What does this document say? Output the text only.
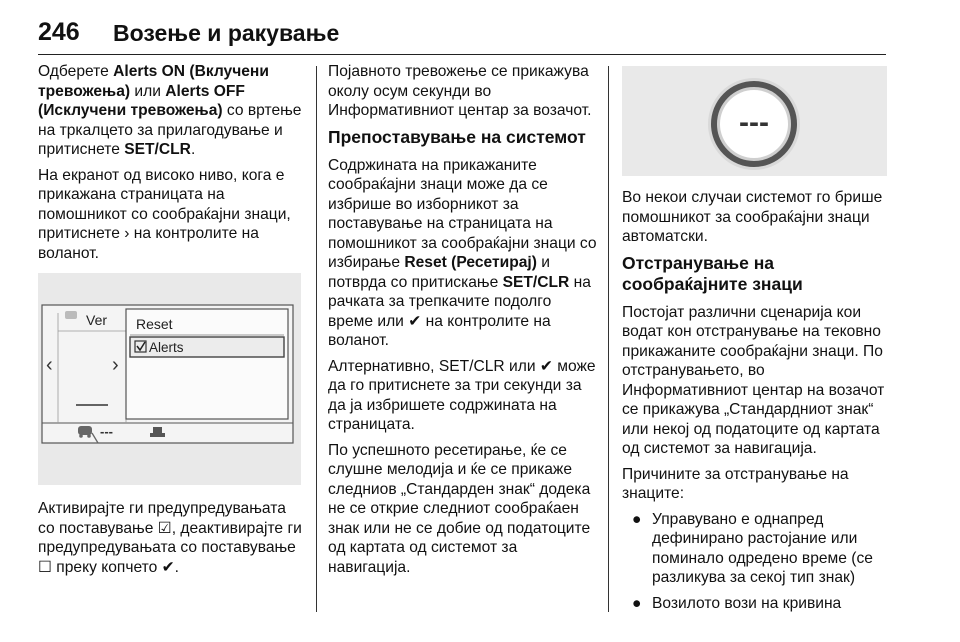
246 Возење и ракување

Одберете Alerts ON (Вклучени тревожења) или Alerts OFF (Исклучени тревожења) со вртење на тркалцето за прилагодување и притиснете SET/CLR.

На екранот од високо ниво, кога е прикажана страницата на помошникот со сообраќајни знаци, притиснете › на контролите на воланот.

Ver
‹	›
Reset
Alerts
---

Активирајте ги предупредувањата со поставување ☑, деактивирајте ги предупредувањата со поставување ☐ преку копчето ✔.

Појавното тревожење се прикажува околу осум секунди во Информативниот центар за возачот.

Препоставување на системот

Содржината на прикажаните сообраќајни знаци може да се избрише во изборникот за поставување на страницата на помошникот за сообраќајни знаци со избирање Reset (Ресетирај) и потврда со притискање SET/CLR на рачката за трепкачите подолго време или ✔ на контролите на воланот.

Алтернативно, SET/CLR или ✔ може да го притиснете за три секунди за да ја избришете содржината на страницата.

По успешното ресетирање, ќе се слушне мелодија и ќе се прикаже следниов „Стандарден знак“ додека не се открие следниот сообраќаен знак или не се добие од податоците од картата од системот за навигација.

---

Во некои случаи системот го брише помошникот за сообраќајни знаци автоматски.

Отстранување на сообраќајните знаци

Постојат различни сценарија кои водат кон отстранување на тековно прикажаните сообраќајни знаци. По отстранувањето, во Информативниот центар на возачот се прикажува „Стандардниот знак“ или некој од податоците од картата од системот за навигација.

Причините за отстранување на знаците:

● Управувано е однапред дефинирано растојание или поминало одредено време (се разликува за секој тип знак)
● Возилото вози на кривина
